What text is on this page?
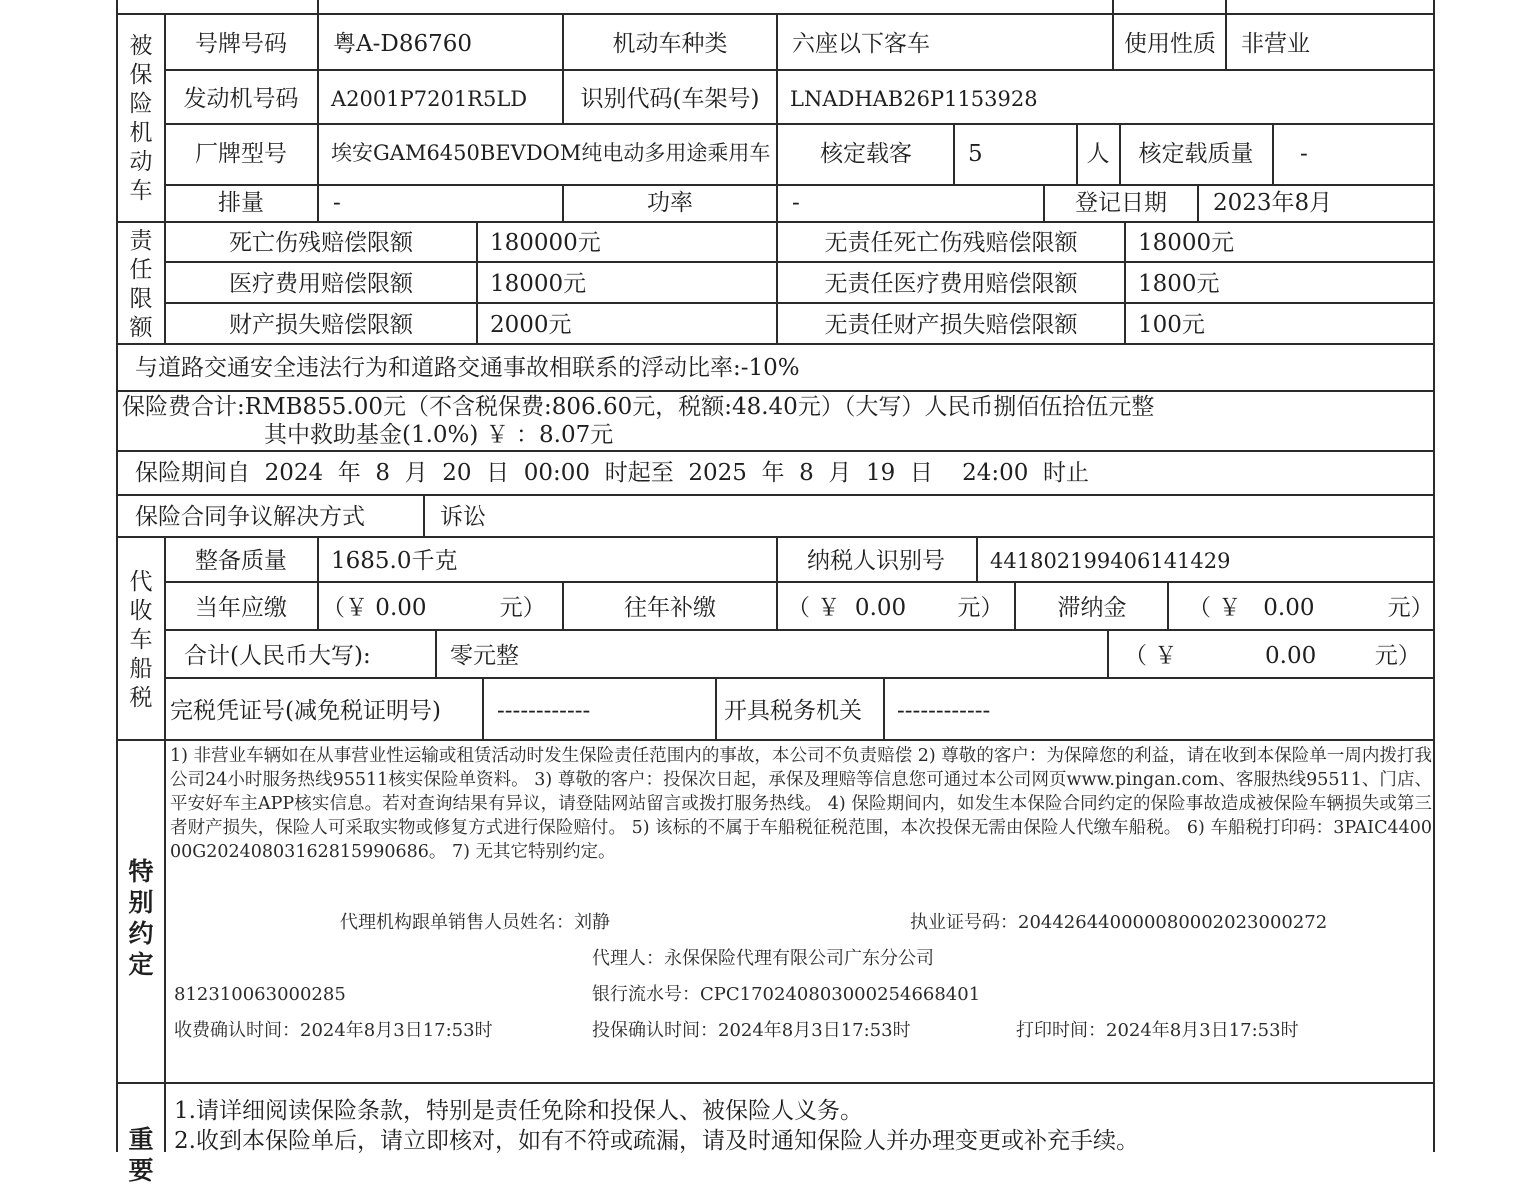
被保险机动车
号牌号码 粤A-D86760	机动车种类	六座以下客车	使用性质 非营业
发动机号码 A2001P7201R5LD 识别代码(车架号) LNADHAB26P1153928
厂牌型号 埃安GAM6450BEVDOM纯电动多用途乘用车 核定载客 5	人 核定载质量 -
排量	-	功率	-	登记日期 2023年8月
责任限额
死亡伤残赔偿限额	180000元	无责任死亡伤残赔偿限额	18000元
医疗费用赔偿限额	18000元	无责任医疗费用赔偿限额	1800元
财产损失赔偿限额	2000元	无责任财产损失赔偿限额	100元
与道路交通安全违法行为和道路交通事故相联系的浮动比率:-10%
保险费合计:RMB855.00元（不含税保费:806.60元，税额:48.40元）（大写）人民币捌佰伍拾伍元整
其中救助基金(1.0%) ￥ ：8.07元
保险期间自  2024  年  8  月  20  日  00:00  时起至  2025  年  8  月  19  日    24:00  时止
保险合同争议解决方式	诉讼
代收车船税
整备质量 1685.0千克	纳税人识别号 441802199406141429
当年应缴 （￥ 0.00          元）	往年补缴	（ ￥  0.00       元） 滞纳金	（ ￥   0.00          元）
合计(人民币大写):	零元整	（ ￥            0.00        元）
完税凭证号(减免税证明号) ------------	开具税务机关 ------------
特别约定
1) 非营业车辆如在从事营业性运输或租赁活动时发生保险责任范围内的事故，本公司不负责赔偿 2) 尊敬的客户：为保障您的利益，请在收到本保险单一周内拨打我公司24小时服务热线95511核实保险单资料。 3) 尊敬的客户：投保次日起，承保及理赔等信息您可通过本公司网页www.pingan.com、客服热线95511、门店、平安好车主APP核实信息。若对查询结果有异议，请登陆网站留言或拨打服务热线。 4) 保险期间内，如发生本保险合同约定的保险事故造成被保险车辆损失或第三者财产损失，保险人可采取实物或修复方式进行保险赔付。 5) 该标的不属于车船税征税范围，本次投保无需由保险人代缴车船税。 6) 车船税打印码：3PAIC440000G20240803162815990686。 7) 无其它特别约定。
代理机构跟单销售人员姓名：刘静	执业证号码：20442644000008000202300027​2
代理人：永保保险代理有限公司广东分公司
812310063000285	银行流水号：CPC170240803000254668401
收费确认时间：2024年8月3日17:53时	投保确认时间：2024年8月3日17:53时	打印时间：2024年8月3日17:53时
重要
1.请详细阅读保险条款，特别是责任免除和投保人、被保险人义务。
2.收到本保险单后，请立即核对，如有不符或疏漏，请及时通知保险人并办理变更或补充手续。
